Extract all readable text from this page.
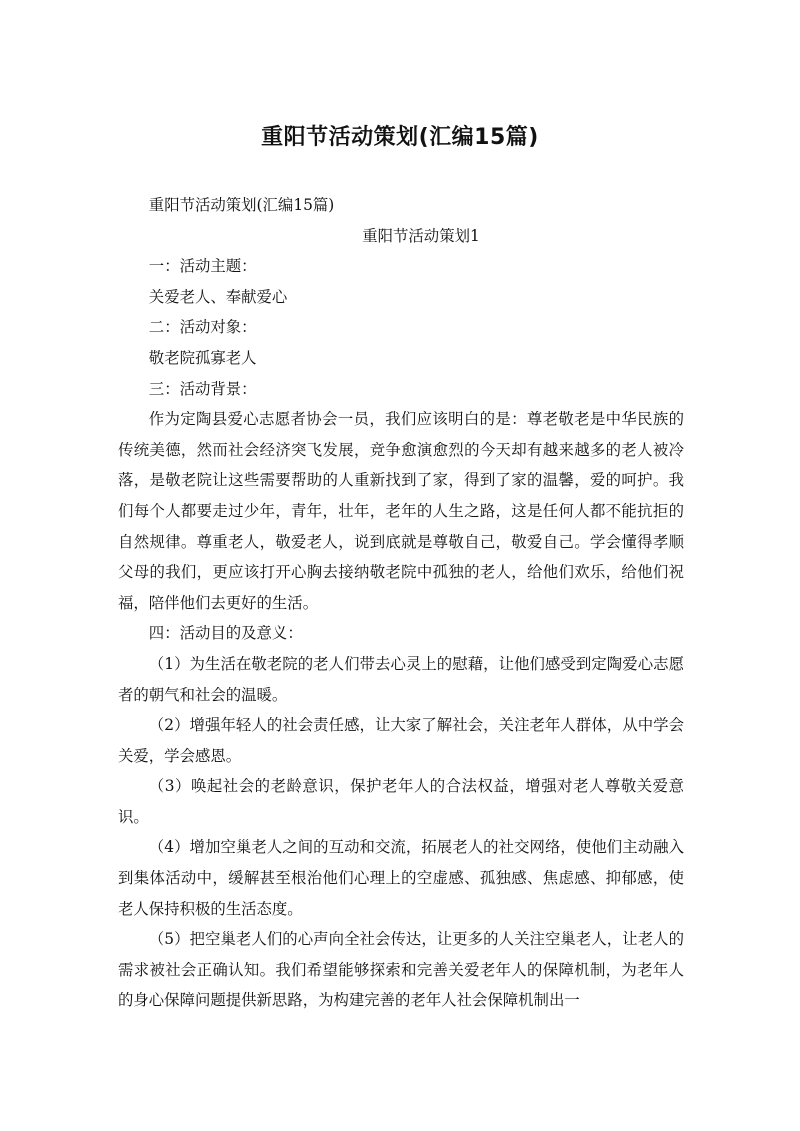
重阳节活动策划(汇编15篇)

重阳节活动策划(汇编15篇)

重阳节活动策划1

一：活动主题：

关爱老人、奉献爱心

二：活动对象：

敬老院孤寡老人

三：活动背景：

作为定陶县爱心志愿者协会一员，我们应该明白的是：尊老敬老是中华民族的传统美德，然而社会经济突飞发展，竞争愈演愈烈的今天却有越来越多的老人被冷落，是敬老院让这些需要帮助的人重新找到了家，得到了家的温馨，爱的呵护。我们每个人都要走过少年，青年，壮年，老年的人生之路，这是任何人都不能抗拒的自然规律。尊重老人，敬爱老人，说到底就是尊敬自己，敬爱自己。学会懂得孝顺父母的我们，更应该打开心胸去接纳敬老院中孤独的老人，给他们欢乐，给他们祝福，陪伴他们去更好的生活。

四：活动目的及意义：

（1）为生活在敬老院的老人们带去心灵上的慰藉，让他们感受到定陶爱心志愿者的朝气和社会的温暖。

（2）增强年轻人的社会责任感，让大家了解社会，关注老年人群体，从中学会关爱，学会感恩。

（3）唤起社会的老龄意识，保护老年人的合法权益，增强对老人尊敬关爱意识。

（4）增加空巢老人之间的互动和交流，拓展老人的社交网络，使他们主动融入到集体活动中，缓解甚至根治他们心理上的空虚感、孤独感、焦虑感、抑郁感，使老人保持积极的生活态度。

（5）把空巢老人们的心声向全社会传达，让更多的人关注空巢老人，让老人的需求被社会正确认知。我们希望能够探索和完善关爱老年人的保障机制，为老年人的身心保障问题提供新思路，为构建完善的老年人社会保障机制出一
